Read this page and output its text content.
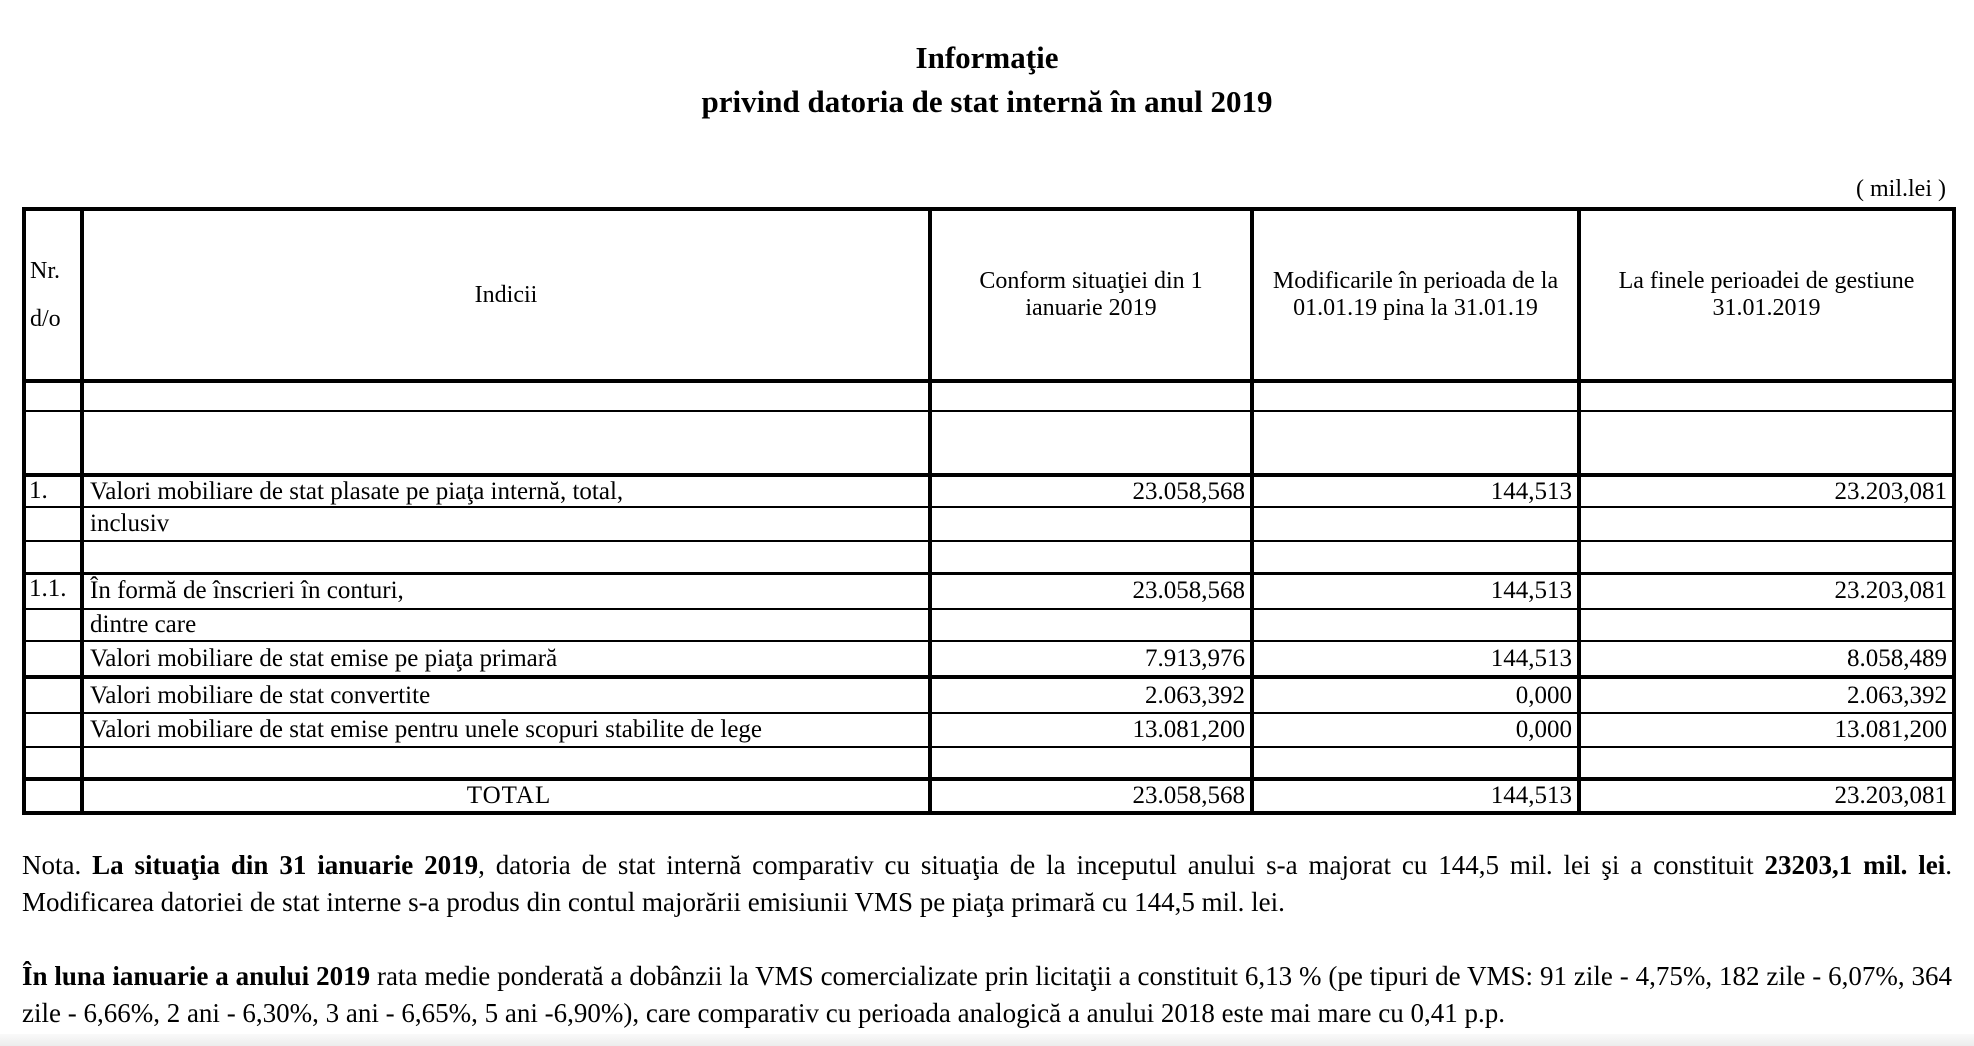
Informaţie
privind datoria de stat internă în anul 2019
( mil.lei )
Nr.
d/o	Indicii	Conform situaţiei din 1 ianuarie 2019	Modificarile în perioada de la 01.01.19 pina la 31.01.19	La finele perioadei de gestiune 31.01.2019

1.	Valori mobiliare de stat plasate pe piaţa internă, total,	23.058,568	144,513	23.203,081
	inclusiv			

1.1.	În formă de înscrieri în conturi,	23.058,568	144,513	23.203,081
	dintre care			
	Valori mobiliare de stat emise pe piaţa primară	7.913,976	144,513	8.058,489
	Valori mobiliare de stat convertite	2.063,392	0,000	2.063,392
	Valori mobiliare de stat emise pentru unele scopuri stabilite de lege	13.081,200	0,000	13.081,200

	TOTAL	23.058,568	144,513	23.203,081

Nota. La situaţia din 31 ianuarie 2019, datoria de stat internă comparativ cu situaţia de la inceputul anului s-a majorat cu 144,5 mil. lei şi a constituit 23203,1 mil. lei. Modificarea datoriei de stat interne s-a produs din contul majorării emisiunii VMS pe piaţa primară cu 144,5 mil. lei.

În luna ianuarie a anului 2019 rata medie ponderată a dobânzii la VMS comercializate prin licitaţii a constituit 6,13 % (pe tipuri de VMS: 91 zile - 4,75%, 182 zile - 6,07%, 364 zile - 6,66%, 2 ani - 6,30%, 3 ani - 6,65%, 5 ani -6,90%), care comparativ cu perioada analogică a anului 2018 este mai mare cu 0,41 p.p.
